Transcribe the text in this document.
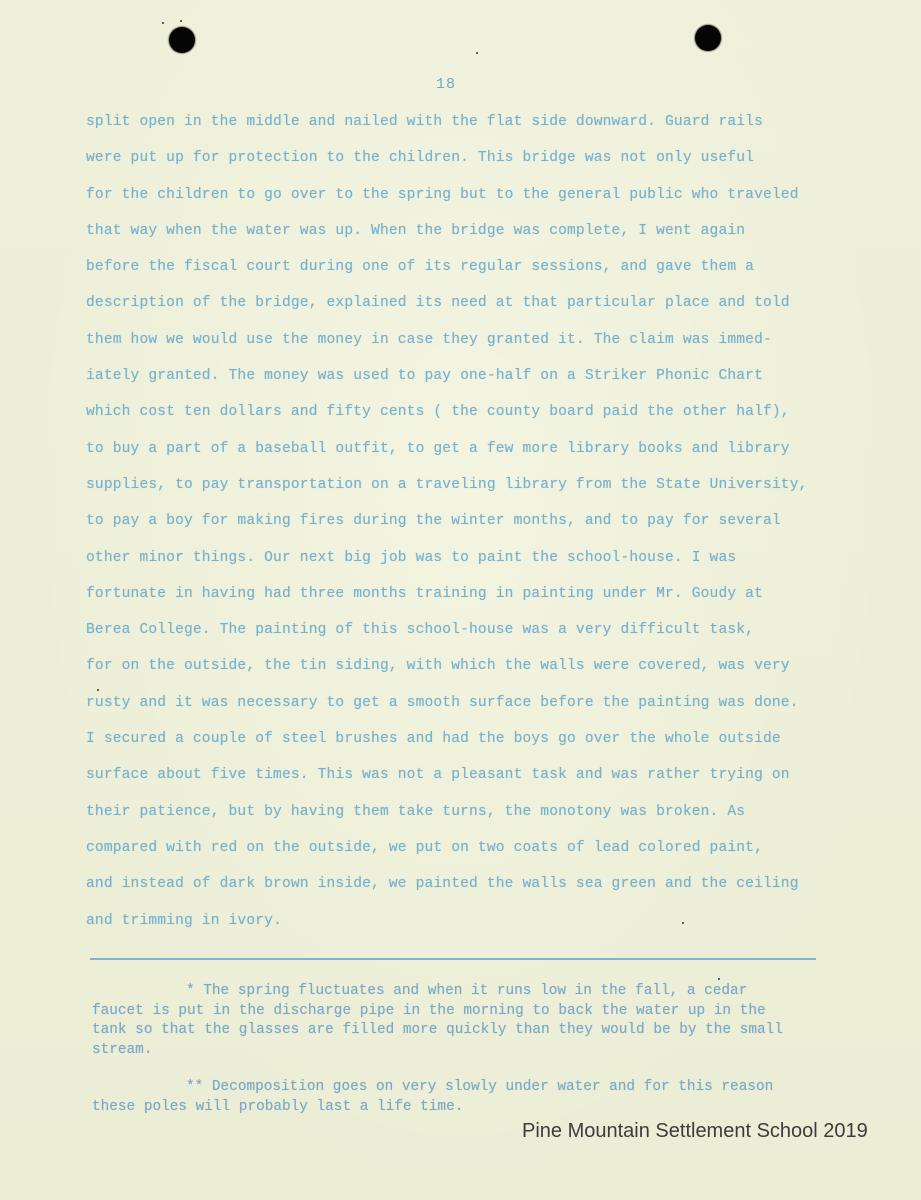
18
split open in the middle and nailed with the flat side downward. Guard rails
were put up for protection to the children. This bridge was not only useful
for the children to go over to the spring but to the general public who traveled
that way when the water was up. When the bridge was complete, I went again
before the fiscal court during one of its regular sessions, and gave them a
description of the bridge, explained its need at that particular place and told
them how we would use the money in case they granted it. The claim was immed-
iately granted. The money was used to pay one-half on a Striker Phonic Chart
which cost ten dollars and fifty cents ( the county board paid the other half),
to buy a part of a baseball outfit, to get a few more library books and library
supplies, to pay transportation on a traveling library from the State University,
to pay a boy for making fires during the winter months, and to pay for several
other minor things. Our next big job was to paint the school-house. I was
fortunate in having had three months training in painting under Mr. Goudy at
Berea College. The painting of this school-house was a very difficult task,
for on the outside, the tin siding, with which the walls were covered, was very
rusty and it was necessary to get a smooth surface before the painting was done.
I secured a couple of steel brushes and had the boys go over the whole outside
surface about five times. This was not a pleasant task and was rather trying on
their patience, but by having them take turns, the monotony was broken. As
compared with red on the outside, we put on two coats of lead colored paint,
and instead of dark brown inside, we painted the walls sea green and the ceiling
and trimming in ivory.
* The spring fluctuates and when it runs low in the fall, a cedar
faucet is put in the discharge pipe in the morning to back the water up in the
tank so that the glasses are filled more quickly than they would be by the small
stream.
** Decomposition goes on very slowly under water and for this reason
these poles will probably last a life time.
Pine Mountain Settlement School 2019
